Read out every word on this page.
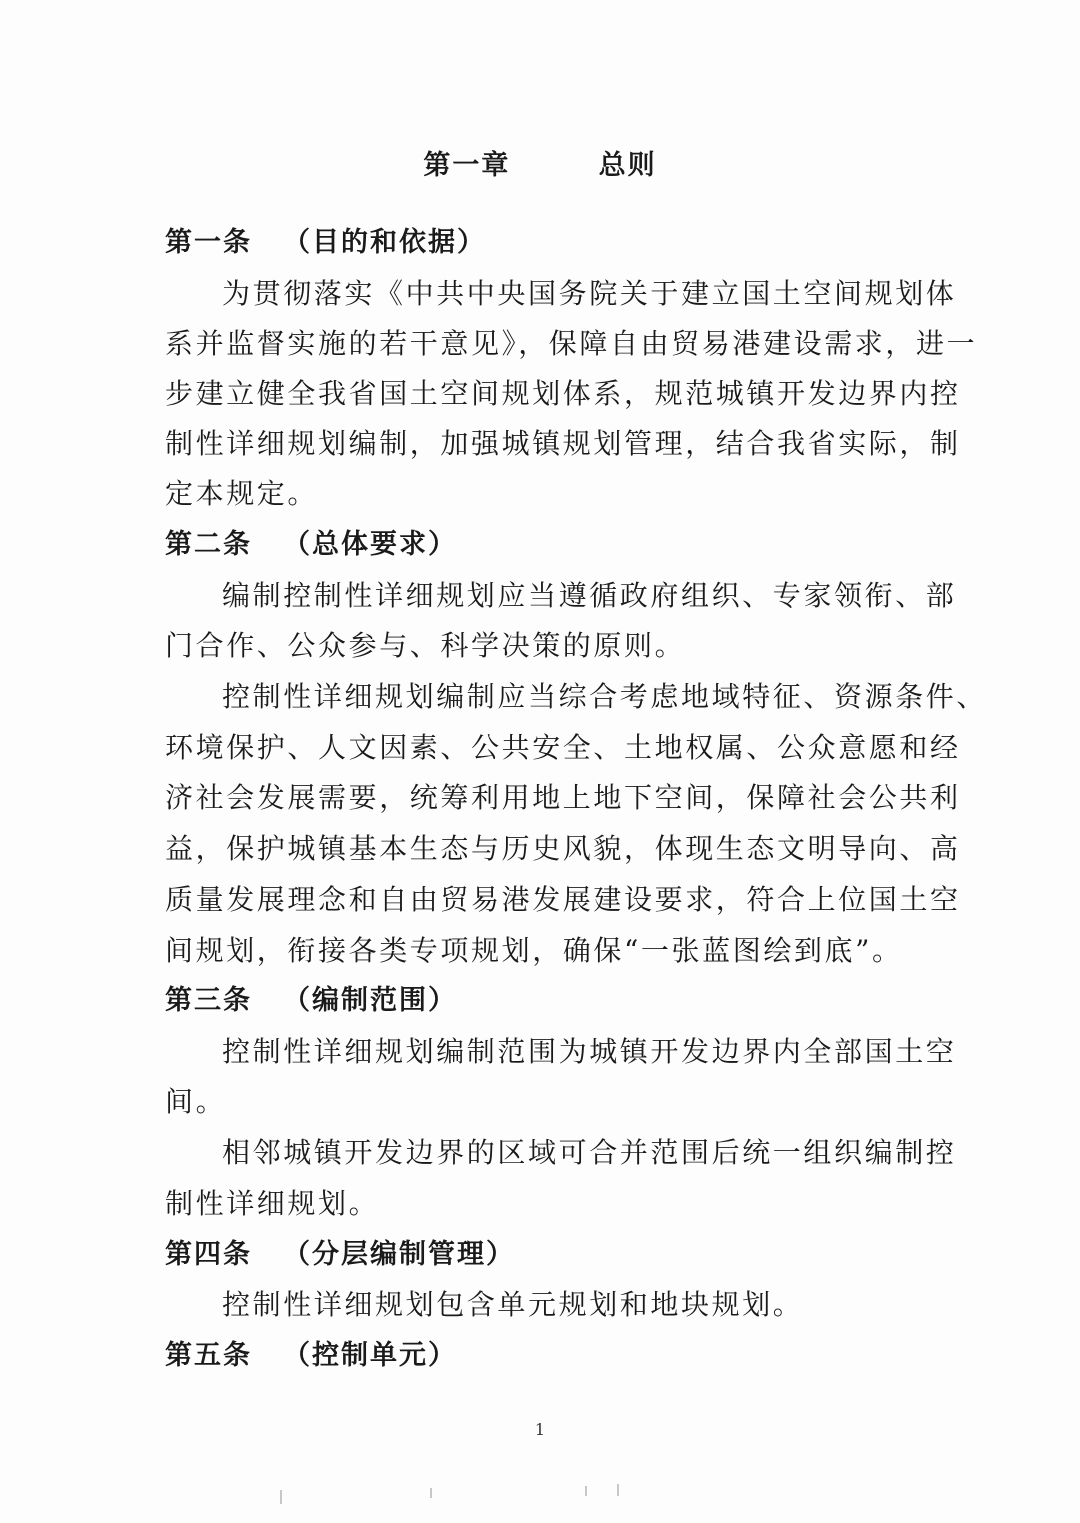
第一章   总则
第一条 （目的和依据）
为贯彻落实《中共中央国务院关于建立国土空间规划体
系并监督实施的若干意见》，保障自由贸易港建设需求，进一
步建立健全我省国土空间规划体系，规范城镇开发边界内控
制性详细规划编制，加强城镇规划管理，结合我省实际，制
定本规定。
第二条 （总体要求）
编制控制性详细规划应当遵循政府组织、专家领衔、部
门合作、公众参与、科学决策的原则。
控制性详细规划编制应当综合考虑地域特征、资源条件、
环境保护、人文因素、公共安全、土地权属、公众意愿和经
济社会发展需要，统筹利用地上地下空间，保障社会公共利
益，保护城镇基本生态与历史风貌，体现生态文明导向、高
质量发展理念和自由贸易港发展建设要求，符合上位国土空
间规划，衔接各类专项规划，确保“一张蓝图绘到底”。
第三条 （编制范围）
控制性详细规划编制范围为城镇开发边界内全部国土空
间。
相邻城镇开发边界的区域可合并范围后统一组织编制控
制性详细规划。
第四条 （分层编制管理）
控制性详细规划包含单元规划和地块规划。
第五条 （控制单元）
1
